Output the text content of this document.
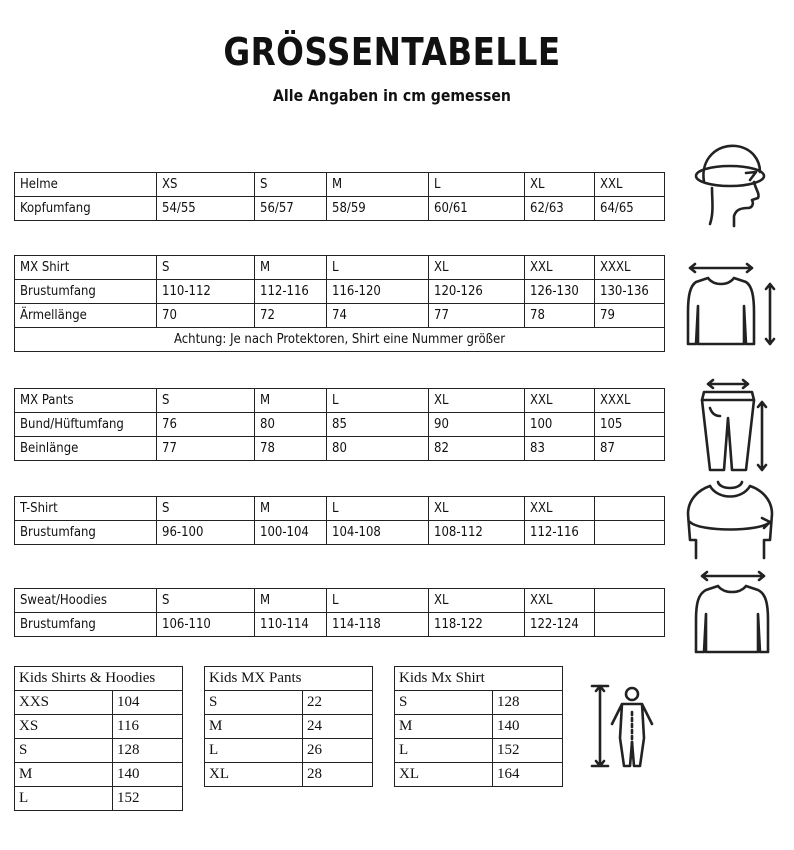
GRÖSSENTABELLE
Alle Angaben in cm gemessen
Helme	XS	S	M	L	XL	XXL
Kopfumfang	54/55	56/57	58/59	60/61	62/63	64/65
MX Shirt	S	M	L	XL	XXL	XXXL
Brustumfang	110-112	112-116	116-120	120-126	126-130	130-136
Ärmellänge	70	72	74	77	78	79
Achtung: Je nach Protektoren, Shirt eine Nummer größer						
MX Pants	S	M	L	XL	XXL	XXXL
Bund/Hüftumfang	76	80	85	90	100	105
Beinlänge	77	78	80	82	83	87
T-Shirt	S	M	L	XL	XXL	
Brustumfang	96-100	100-104	104-108	108-112	112-116	
Sweat/Hoodies	S	M	L	XL	XXL	
Brustumfang	106-110	110-114	114-118	118-122	122-124	
Kids Shirts & Hoodies	
XXS	104
XS	116
S	128
M	140
L	152
Kids MX Pants	
S	22
M	24
L	26
XL	28
Kids Mx Shirt	
S	128
M	140
L	152
XL	164
